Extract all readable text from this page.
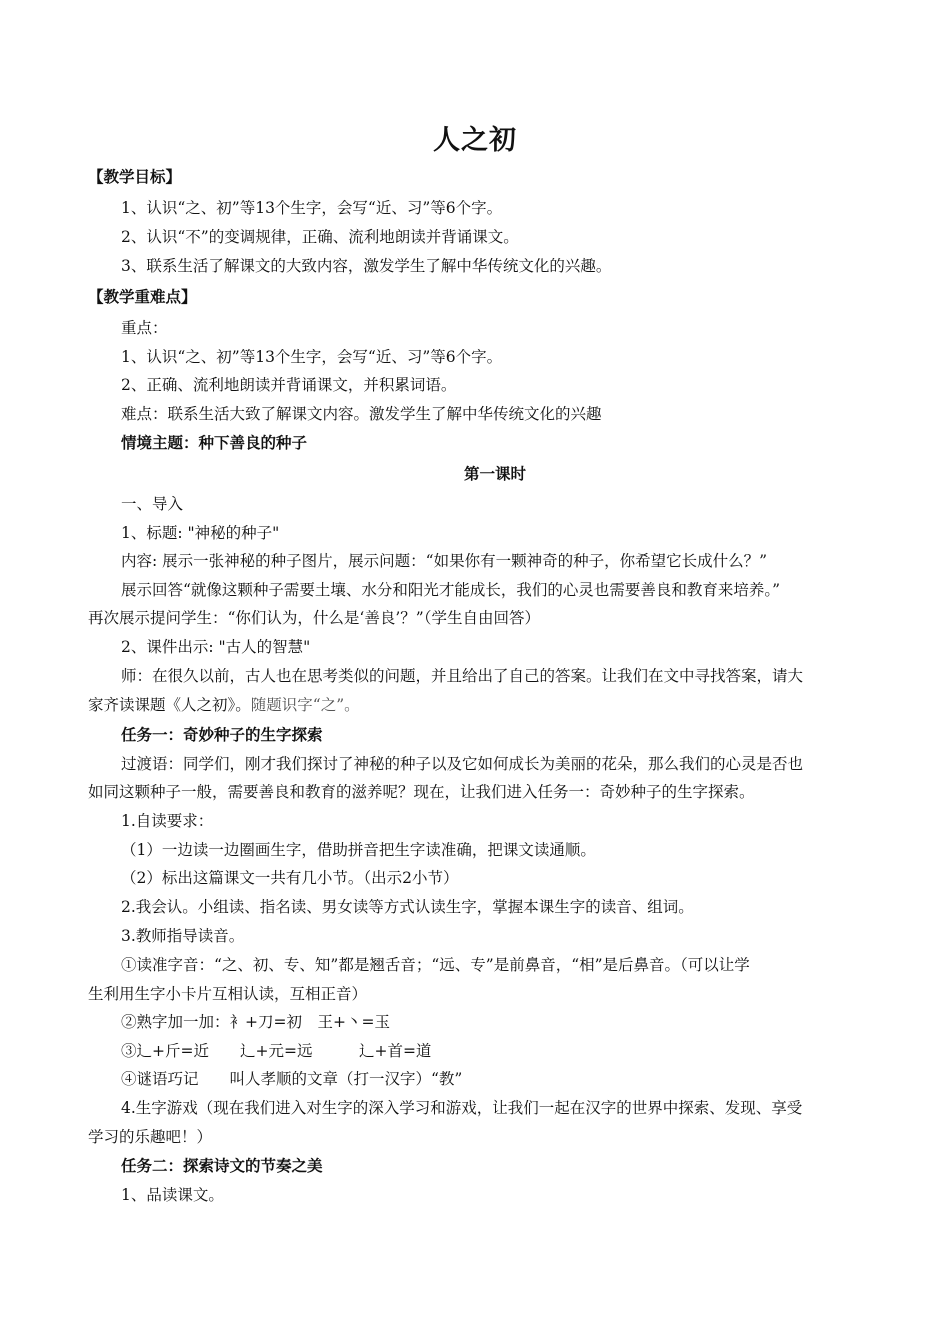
人之初
【教学目标】
1、认识“之、初”等13个生字，会写“近、习”等6个字。
2、认识“不”的变调规律，正确、流利地朗读并背诵课文。
3、联系生活了解课文的大致内容，激发学生了解中华传统文化的兴趣。
【教学重难点】
重点：
1、认识“之、初”等13个生字，会写“近、习”等6个字。
2、正确、流利地朗读并背诵课文，并积累词语。
难点：联系生活大致了解课文内容。激发学生了解中华传统文化的兴趣
情境主题：种下善良的种子
第一课时
一、导入
1、标题: "神秘的种子"
内容: 展示一张神秘的种子图片，展示问题：“如果你有一颗神奇的种子，你希望它长成什么？”
展示回答“就像这颗种子需要土壤、水分和阳光才能成长，我们的心灵也需要善良和教育来培养。”
再次展示提问学生：“你们认为，什么是‘善良’？”（学生自由回答）
2、课件出示: "古人的智慧"
师：在很久以前，古人也在思考类似的问题，并且给出了自己的答案。让我们在文中寻找答案，请大
家齐读课题《人之初》。随题识字“之”。
任务一：奇妙种子的生字探索
过渡语：同学们，刚才我们探讨了神秘的种子以及它如何成长为美丽的花朵，那么我们的心灵是否也
如同这颗种子一般，需要善良和教育的滋养呢？现在，让我们进入任务一：奇妙种子的生字探索。
1.自读要求：
（1）一边读一边圈画生字，借助拼音把生字读准确，把课文读通顺。
（2）标出这篇课文一共有几小节。（出示2小节）
2.我会认。小组读、指名读、男女读等方式认读生字，掌握本课生字的读音、组词。
3.教师指导读音。
①读准字音：“之、初、专、知”都是翘舌音；“远、专”是前鼻音，“相”是后鼻音。（可以让学
生利用生字小卡片互相认读，互相正音）
②熟字加一加：衤+刀=初　王+丶=玉
③辶+斤=近　　辶+元=远　　　辶+首=道
④谜语巧记　　叫人孝顺的文章（打一汉字）“教”
4.生字游戏（现在我们进入对生字的深入学习和游戏，让我们一起在汉字的世界中探索、发现、享受
学习的乐趣吧！）
任务二：探索诗文的节奏之美
1、品读课文。
